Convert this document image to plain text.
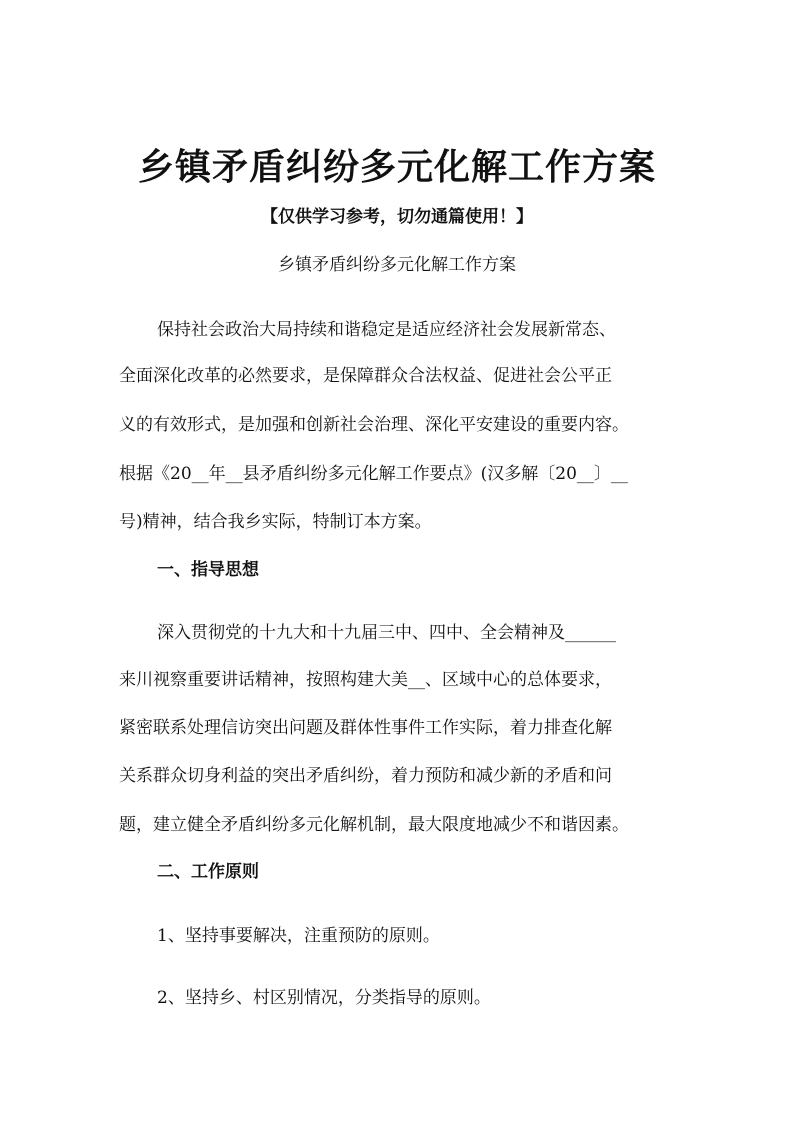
乡镇矛盾纠纷多元化解工作方案
【仅供学习参考，切勿通篇使用！】
乡镇矛盾纠纷多元化解工作方案
保持社会政治大局持续和谐稳定是适应经济社会发展新常态、
全面深化改革的必然要求，是保障群众合法权益、促进社会公平正
义的有效形式，是加强和创新社会治理、深化平安建设的重要内容。
根据《20__年__县矛盾纠纷多元化解工作要点》(汉多解〔20__〕__
号)精神，结合我乡实际，特制订本方案。
一、指导思想
深入贯彻党的十九大和十九届三中、四中、全会精神及______
来川视察重要讲话精神，按照构建大美__、区域中心的总体要求，
紧密联系处理信访突出问题及群体性事件工作实际，着力排查化解
关系群众切身利益的突出矛盾纠纷，着力预防和减少新的矛盾和问
题，建立健全矛盾纠纷多元化解机制，最大限度地减少不和谐因素。
二、工作原则
1、坚持事要解决，注重预防的原则。
2、坚持乡、村区别情况，分类指导的原则。
